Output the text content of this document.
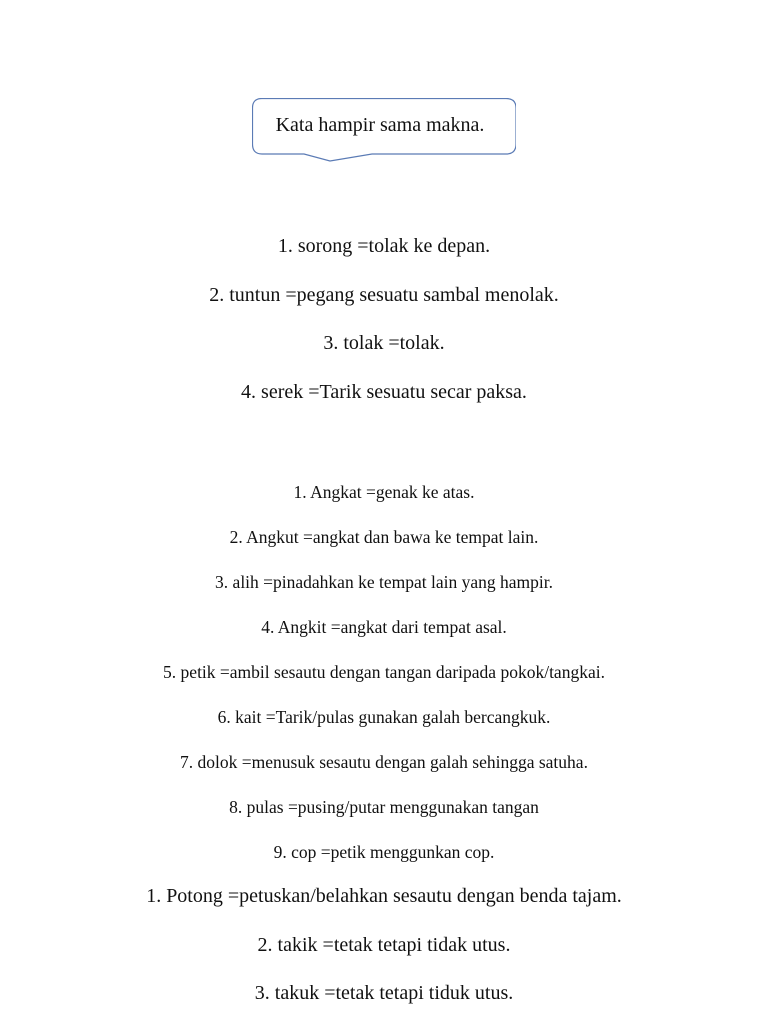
Kata hampir sama makna.
1. sorong =tolak ke depan.
2. tuntun =pegang sesuatu sambal menolak.
3. tolak =tolak.
4. serek =Tarik sesuatu secar paksa.
1. Angkat =genak ke atas.
2. Angkut =angkat dan bawa ke tempat lain.
3. alih =pinadahkan ke tempat lain yang hampir.
4. Angkit =angkat dari tempat asal.
5. petik =ambil sesautu dengan tangan daripada pokok/tangkai.
6. kait =Tarik/pulas gunakan galah bercangkuk.
7. dolok =menusuk sesautu dengan galah sehingga satuha.
8. pulas =pusing/putar menggunakan tangan
9. cop =petik menggunkan cop.
1. Potong =petuskan/belahkan sesautu dengan benda tajam.
2. takik =tetak tetapi tidak utus.
3. takuk =tetak tetapi tiduk utus.
